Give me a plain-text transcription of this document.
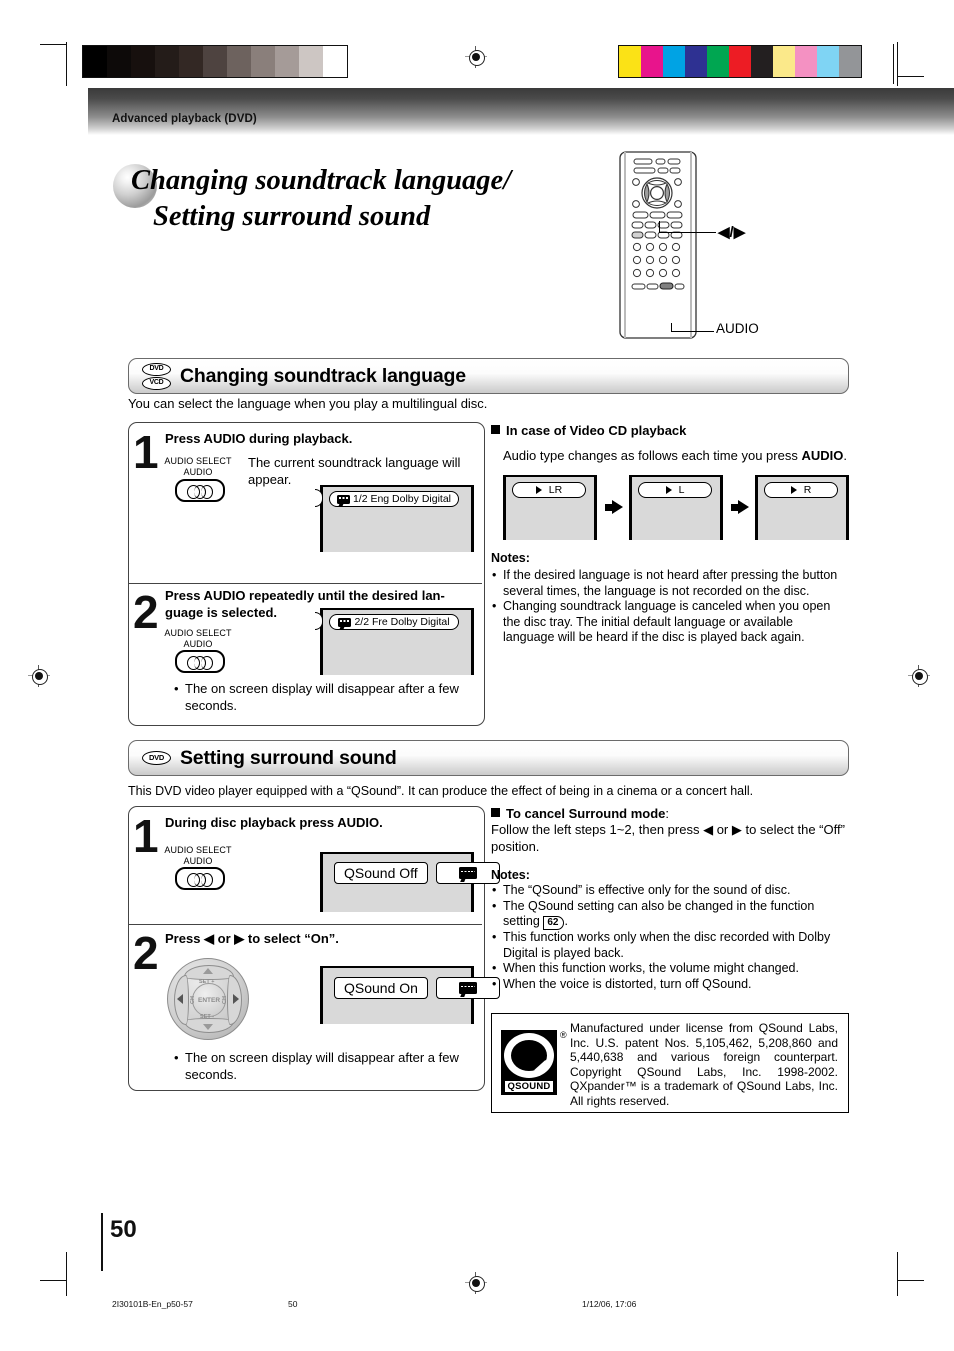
Advanced playback (DVD)
Changing soundtrack language/
Setting surround sound
◀/▶
AUDIO
DVD
VCD Changing soundtrack language
You can select the language when you play a multilingual disc.
1 Press AUDIO during playback.
AUDIO SELECT
AUDIO
The current soundtrack language will appear.
1/2 Eng Dolby Digital
2 Press AUDIO repeatedly until the desired lan-
guage is selected.
AUDIO SELECT
AUDIO
2/2 Fre Dolby Digital
• The on screen display will disappear after a few seconds.
In case of Video CD playback
Audio type changes as follows each time you press AUDIO.
LR	L	R
Notes:
• If the desired language is not heard after pressing the button several times, the language is not recorded on the disc.
• Changing soundtrack language is canceled when you open the disc tray. The initial default language or available language will be heard if the disc is played back again.
DVD Setting surround sound
This DVD video player equipped with a “QSound”. It can produce the effect of being in a cinema or a concert hall.
1 During disc playback press AUDIO.
AUDIO SELECT
AUDIO
QSound Off
2 Press ◀ or ▶ to select “On”.
ENTER
SET +
SET -
CH	CH
QSound On
• The on screen display will disappear after a few seconds.
To cancel Surround mode:
Follow the left steps 1~2, then press ◀ or ▶ to select the “Off” position.
Notes:
• The “QSound” is effective only for the sound of disc.
• The QSound setting can also be changed in the function setting 62 .
• This function works only when the disc recorded with Dolby Digital is played back.
• When this function works, the volume might changed.
• When the voice is distorted, turn off QSound.
QSOUND
® Manufactured under license from QSound Labs, Inc. U.S. patent Nos. 5,105,462, 5,208,860 and 5,440,638 and various foreign counterpart. Copyright QSound Labs, Inc. 1998-2002. QXpander™ is a trademark of QSound Labs, Inc. All rights reserved.
50
2I30101B-En_p50-57	50	1/12/06, 17:06
